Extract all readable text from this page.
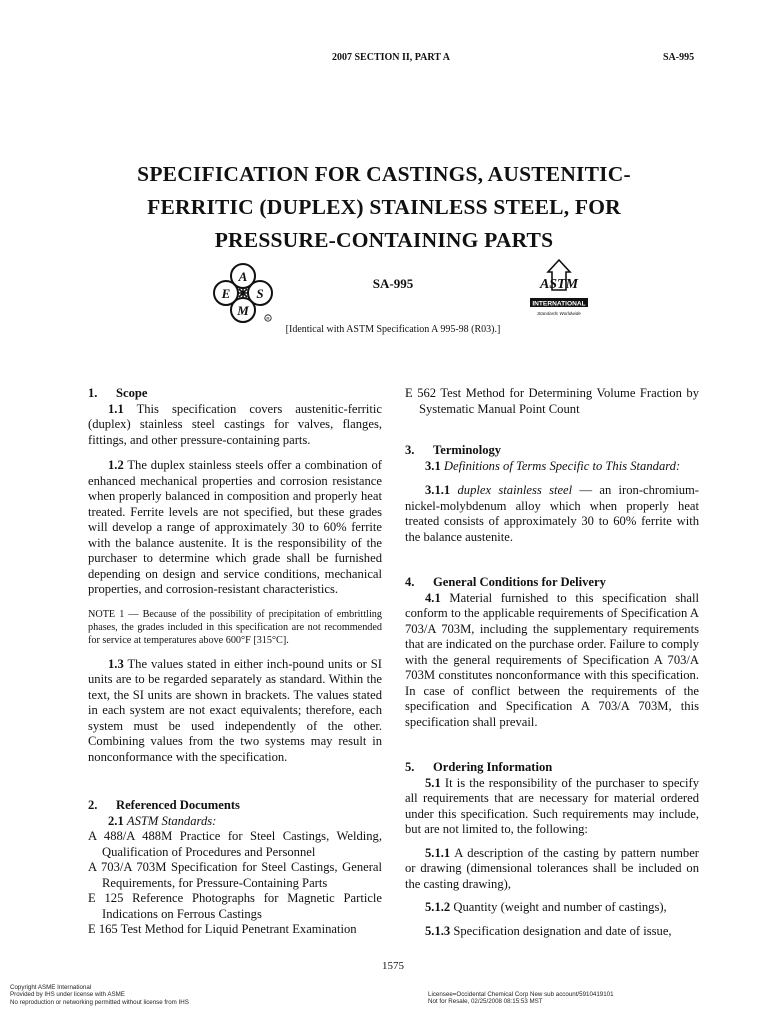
2007 SECTION II, PART A	SA-995
SPECIFICATION FOR CASTINGS, AUSTENITIC-
FERRITIC (DUPLEX) STAINLESS STEEL, FOR
PRESSURE-CONTAINING PARTS
A
E S
M
R
SA-995	ASTM
INTERNATIONAL
Standards Worldwide
[Identical with ASTM Specification A 995-98 (R03).]

1. Scope

1.1 This specification covers austenitic-ferritic (duplex) stainless steel castings for valves, flanges, fittings, and other pressure-containing parts.

1.2 The duplex stainless steels offer a combination of enhanced mechanical properties and corrosion resistance when properly balanced in composition and properly heat treated. Ferrite levels are not specified, but these grades will develop a range of approximately 30 to 60% ferrite with the balance austenite. It is the responsibility of the purchaser to determine which grade shall be furnished depending on design and service conditions, mechanical properties, and corrosion-resistant characteristics.

NOTE 1 — Because of the possibility of precipitation of embrittling phases, the grades included in this specification are not recommended for service at temperatures above 600°F [315°C].

1.3 The values stated in either inch-pound units or SI units are to be regarded separately as standard. Within the text, the SI units are shown in brackets. The values stated in each system are not exact equivalents; therefore, each system must be used independently of the other. Combining values from the two systems may result in nonconformance with the specification.

2. Referenced Documents

2.1 ASTM Standards:

A 488/A 488M Practice for Steel Castings, Welding, Qualification of Procedures and Personnel

A 703/A 703M Specification for Steel Castings, General Requirements, for Pressure-Containing Parts

E 125 Reference Photographs for Magnetic Particle Indications on Ferrous Castings

E 165 Test Method for Liquid Penetrant Examination

E 562 Test Method for Determining Volume Fraction by Systematic Manual Point Count

3. Terminology

3.1 Definitions of Terms Specific to This Standard:

3.1.1 duplex stainless steel — an iron-chromium-nickel-molybdenum alloy which when properly heat treated consists of approximately 30 to 60% ferrite with the balance austenite.

4. General Conditions for Delivery

4.1 Material furnished to this specification shall conform to the applicable requirements of Specification A 703/A 703M, including the supplementary requirements that are indicated on the purchase order. Failure to comply with the general requirements of Specification A 703/A 703M constitutes nonconformance with this specification. In case of conflict between the requirements of the specification and Specification A 703/A 703M, this specification shall prevail.

5. Ordering Information

5.1 It is the responsibility of the purchaser to specify all requirements that are necessary for material ordered under this specification. Such requirements may include, but are not limited to, the following:

5.1.1 A description of the casting by pattern number or drawing (dimensional tolerances shall be included on the casting drawing),

5.1.2 Quantity (weight and number of castings),

5.1.3 Specification designation and date of issue,

1575
Copyright ASME International
Provided by IHS under license with ASME
No reproduction or networking permitted without license from IHS
Licensee=Occidental Chemical Corp New sub account/5910419101
Not for Resale, 02/25/2008 08:15:53 MST
